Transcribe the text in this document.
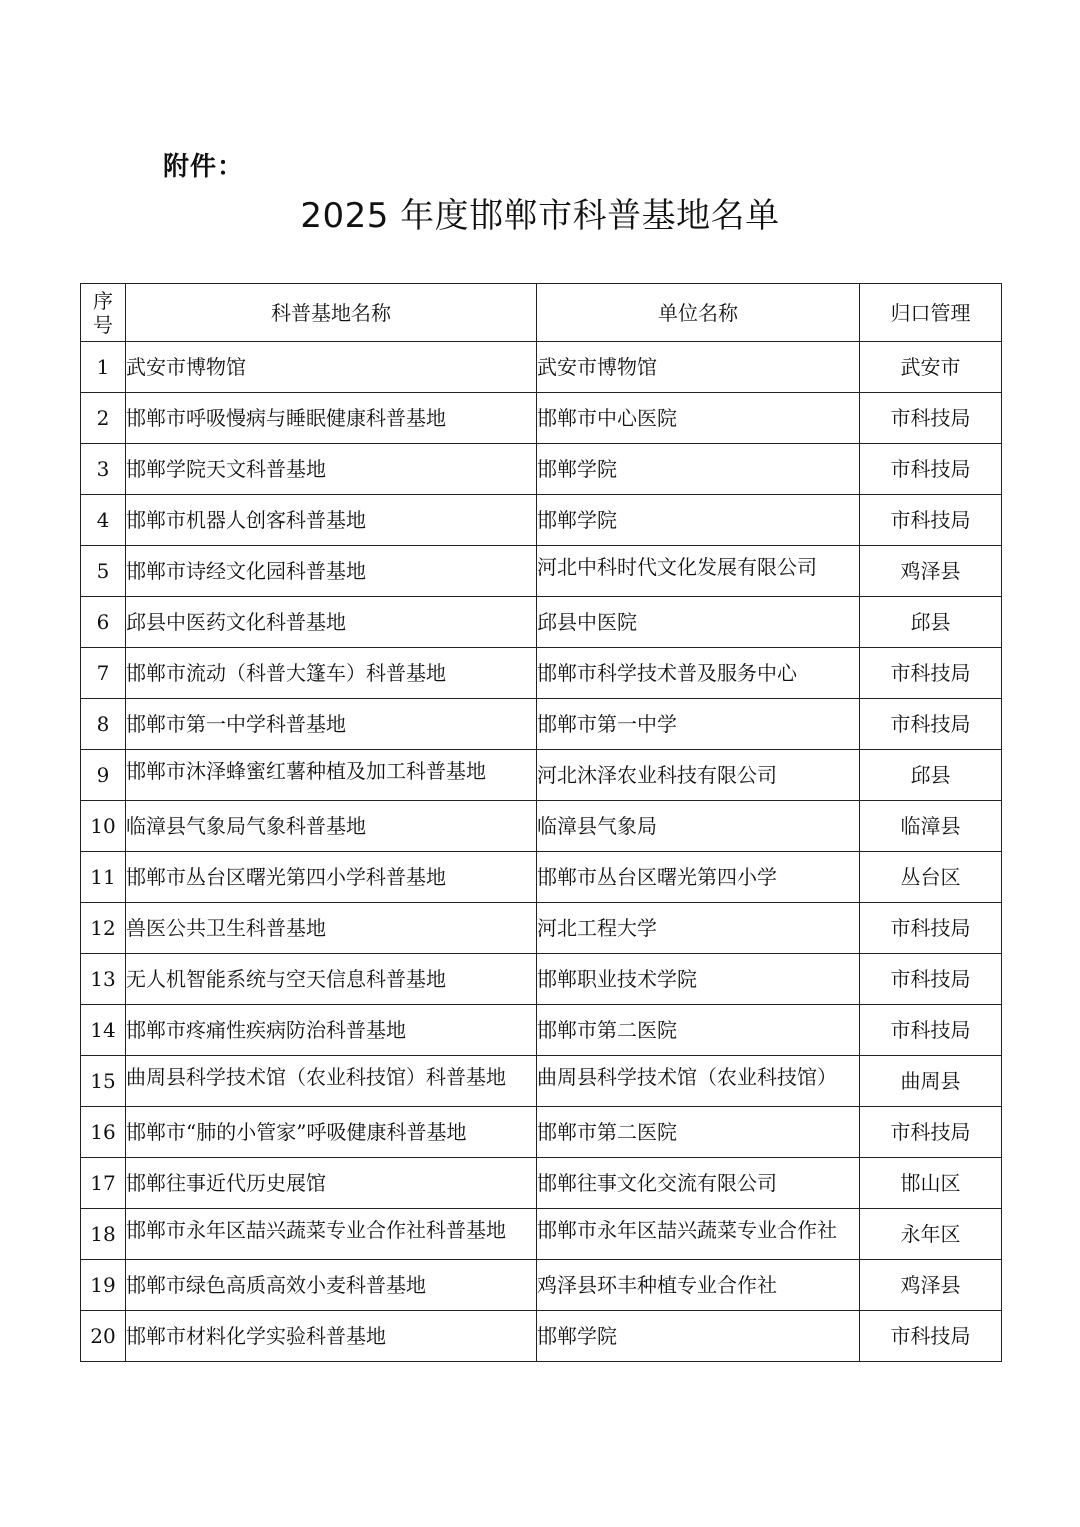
附件：
2025 年度邯郸市科普基地名单
序
号	科普基地名称	单位名称	归口管理
1	武安市博物馆	武安市博物馆	武安市
2	邯郸市呼吸慢病与睡眠健康科普基地	邯郸市中心医院	市科技局
3	邯郸学院天文科普基地	邯郸学院	市科技局
4	邯郸市机器人创客科普基地	邯郸学院	市科技局
5	邯郸市诗经文化园科普基地	河北中科时代文化发展有限公司	鸡泽县
6	邱县中医药文化科普基地	邱县中医院	邱县
7	邯郸市流动（科普大篷车）科普基地	邯郸市科学技术普及服务中心	市科技局
8	邯郸市第一中学科普基地	邯郸市第一中学	市科技局
9	邯郸市沐泽蜂蜜红薯种植及加工科普基地	河北沐泽农业科技有限公司	邱县
10	临漳县气象局气象科普基地	临漳县气象局	临漳县
11	邯郸市丛台区曙光第四小学科普基地	邯郸市丛台区曙光第四小学	丛台区
12	兽医公共卫生科普基地	河北工程大学	市科技局
13	无人机智能系统与空天信息科普基地	邯郸职业技术学院	市科技局
14	邯郸市疼痛性疾病防治科普基地	邯郸市第二医院	市科技局
15	曲周县科学技术馆（农业科技馆）科普基地	曲周县科学技术馆（农业科技馆）	曲周县
16	邯郸市“肺的小管家”呼吸健康科普基地	邯郸市第二医院	市科技局
17	邯郸往事近代历史展馆	邯郸往事文化交流有限公司	邯山区
18	邯郸市永年区喆兴蔬菜专业合作社科普基地	邯郸市永年区喆兴蔬菜专业合作社	永年区
19	邯郸市绿色高质高效小麦科普基地	鸡泽县环丰种植专业合作社	鸡泽县
20	邯郸市材料化学实验科普基地	邯郸学院	市科技局
